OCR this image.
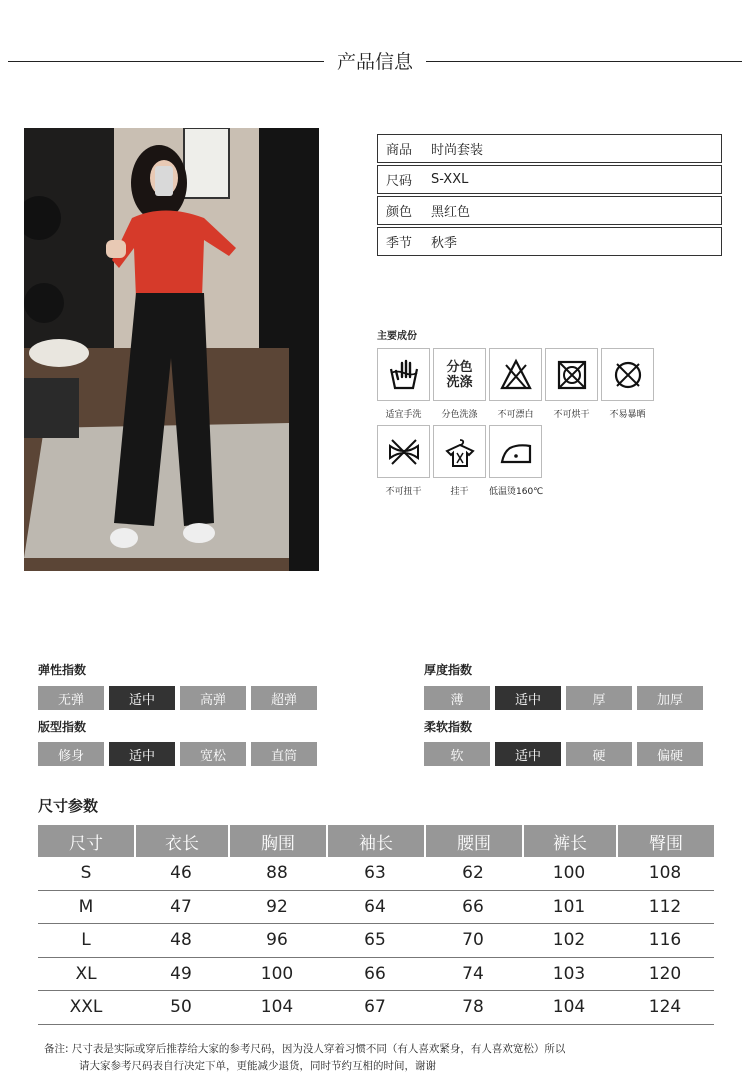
产品信息
商品	时尚套装
尺码	S-XXL
颜色	黑红色
季节	秋季
主要成份
适宜手洗
分色
洗涤
分色洗涤	不可漂白	不可烘干	不易暴晒
不可扭干	挂干	低温烫160℃
弹性指数
无弹	适中	高弹	超弹
版型指数
修身	适中	宽松	直筒
厚度指数
薄	适中	厚	加厚
柔软指数
软	适中	硬	偏硬
尺寸参数
尺寸	衣长	胸围	袖长	腰围	裤长	臀围
S	46	88	63	62	100	108
M	47	92	64	66	101	112
L	48	96	65	70	102	116
XL	49	100	66	74	103	120
XXL	50	104	67	78	104	124
备注: 尺寸表是实际或穿后推荐给大家的参考尺码，因为没人穿着习惯不同（有人喜欢紧身，有人喜欢宽松）所以
请大家参考尺码表自行决定下单，更能减少退货，同时节约互相的时间，谢谢
